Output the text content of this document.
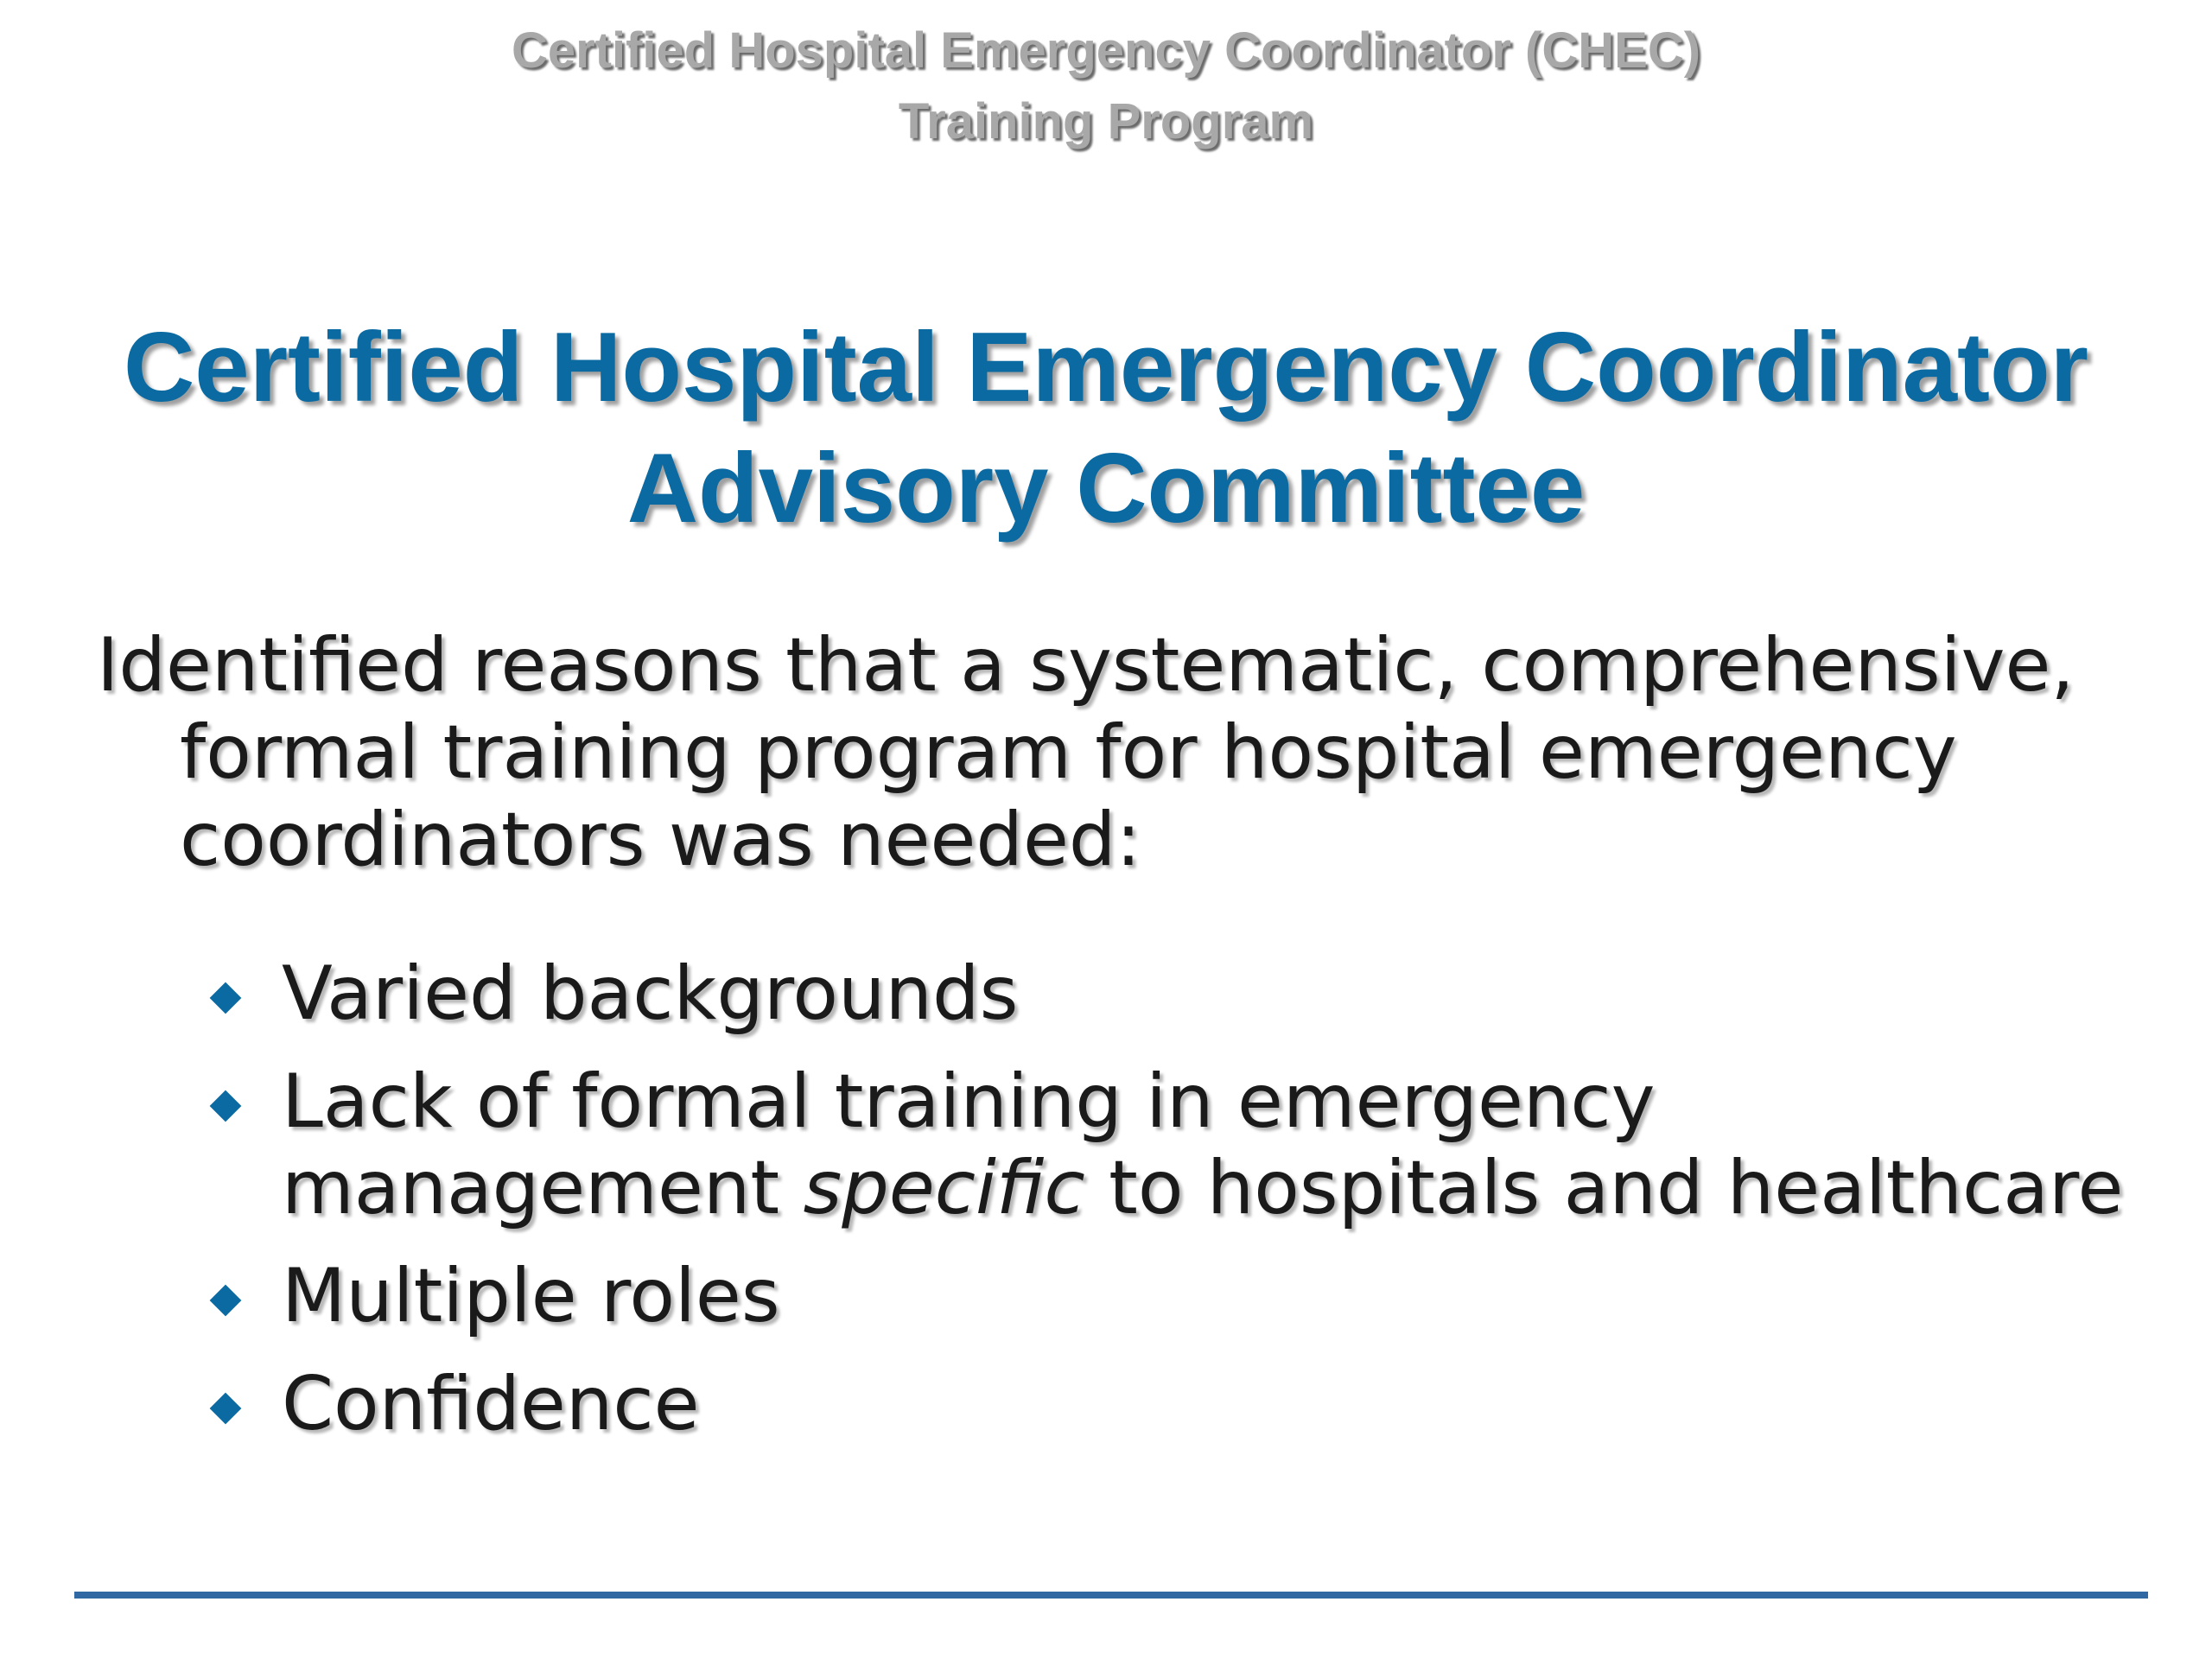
Certified Hospital Emergency Coordinator (CHEC)
Training Program
Certified Hospital Emergency Coordinator
Advisory Committee
Identified reasons that a systematic, comprehensive,
formal training program for hospital emergency
coordinators was needed:
Varied backgrounds
Lack of formal training in emergency
management specific to hospitals and healthcare
Multiple roles
Confidence
